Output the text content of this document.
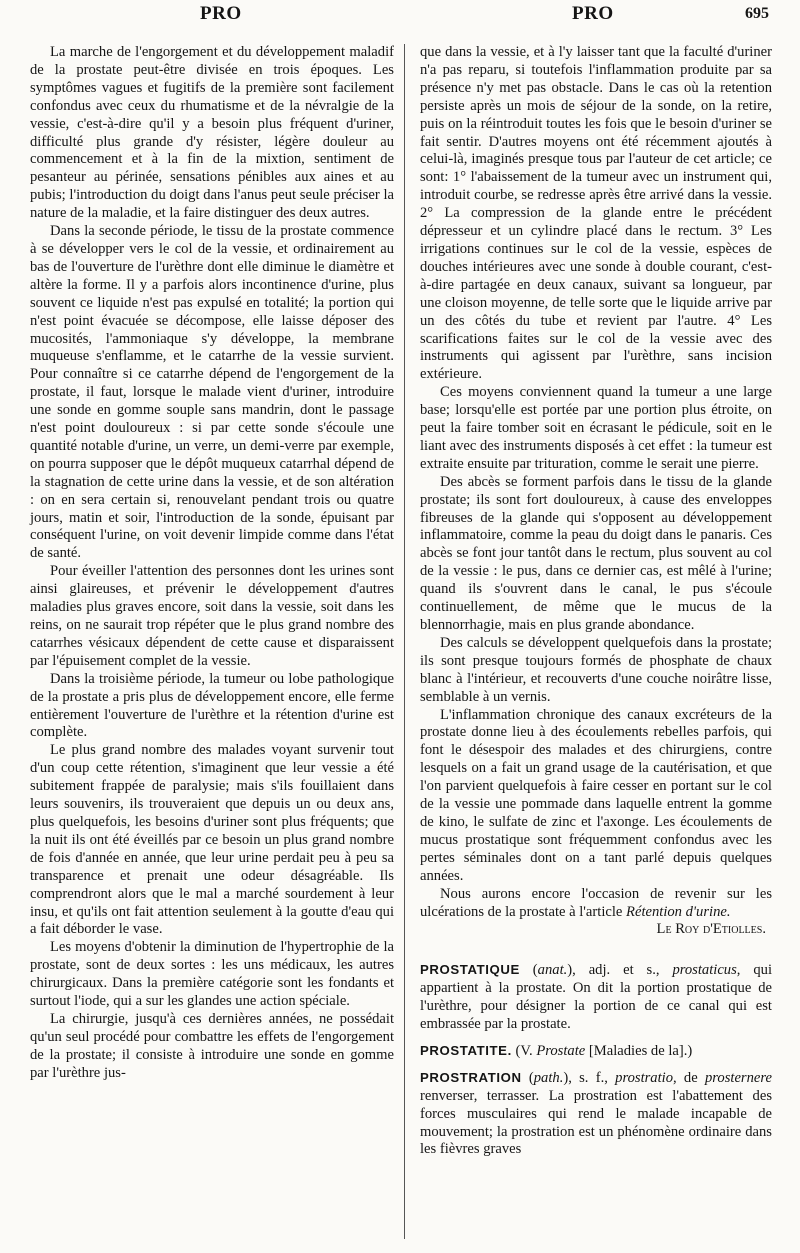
PRO	PRO	695

La marche de l'engorgement et du développement maladif de la prostate peut-être divisée en trois époques. Les symptômes vagues et fugitifs de la première sont facilement confondus avec ceux du rhumatisme et de la névralgie de la vessie, c'est-à-dire qu'il y a besoin plus fréquent d'uriner, difficulté plus grande d'y résister, légère douleur au commencement et à la fin de la mixtion, sentiment de pesanteur au périnée, sensations pénibles aux aines et au pubis; l'introduction du doigt dans l'anus peut seule préciser la nature de la maladie, et la faire distinguer des deux autres.

Dans la seconde période, le tissu de la prostate commence à se développer vers le col de la vessie, et ordinairement au bas de l'ouverture de l'urèthre dont elle diminue le diamètre et altère la forme. Il y a parfois alors incontinence d'urine, plus souvent ce liquide n'est pas expulsé en totalité; la portion qui n'est point évacuée se décompose, elle laisse déposer des mucosités, l'ammoniaque s'y développe, la membrane muqueuse s'enflamme, et le catarrhe de la vessie survient. Pour connaître si ce catarrhe dépend de l'engorgement de la prostate, il faut, lorsque le malade vient d'uriner, introduire une sonde en gomme souple sans mandrin, dont le passage n'est point douloureux : si par cette sonde s'écoule une quantité notable d'urine, un verre, un demi-verre par exemple, on pourra supposer que le dépôt muqueux catarrhal dépend de la stagnation de cette urine dans la vessie, et de son altération : on en sera certain si, renouvelant pendant trois ou quatre jours, matin et soir, l'introduction de la sonde, épuisant par conséquent l'urine, on voit devenir limpide comme dans l'état de santé.

Pour éveiller l'attention des personnes dont les urines sont ainsi glaireuses, et prévenir le développement d'autres maladies plus graves encore, soit dans la vessie, soit dans les reins, on ne saurait trop répéter que le plus grand nombre des catarrhes vésicaux dépendent de cette cause et disparaissent par l'épuisement complet de la vessie.

Dans la troisième période, la tumeur ou lobe pathologique de la prostate a pris plus de développement encore, elle ferme entièrement l'ouverture de l'urèthre et la rétention d'urine est complète.

Le plus grand nombre des malades voyant survenir tout d'un coup cette rétention, s'imaginent que leur vessie a été subitement frappée de paralysie; mais s'ils fouillaient dans leurs souvenirs, ils trouveraient que depuis un ou deux ans, plus quelquefois, les besoins d'uriner sont plus fréquents; que la nuit ils ont été éveillés par ce besoin un plus grand nombre de fois d'année en année, que leur urine perdait peu à peu sa transparence et prenait une odeur désagréable. Ils comprendront alors que le mal a marché sourdement à leur insu, et qu'ils ont fait attention seulement à la goutte d'eau qui a fait déborder le vase.

Les moyens d'obtenir la diminution de l'hypertrophie de la prostate, sont de deux sortes : les uns médicaux, les autres chirurgicaux. Dans la première catégorie sont les fondants et surtout l'iode, qui a sur les glandes une action spéciale.

La chirurgie, jusqu'à ces dernières années, ne possédait qu'un seul procédé pour combattre les effets de l'engorgement de la prostate; il consiste à introduire une sonde en gomme par l'urèthre jus-

que dans la vessie, et à l'y laisser tant que la faculté d'uriner n'a pas reparu, si toutefois l'inflammation produite par sa présence n'y met pas obstacle. Dans le cas où la retention persiste après un mois de séjour de la sonde, on la retire, puis on la réintroduit toutes les fois que le besoin d'uriner se fait sentir. D'autres moyens ont été récemment ajoutés à celui-là, imaginés presque tous par l'auteur de cet article; ce sont: 1° l'abaissement de la tumeur avec un instrument qui, introduit courbe, se redresse après être arrivé dans la vessie. 2° La compression de la glande entre le précédent dépresseur et un cylindre placé dans le rectum. 3° Les irrigations continues sur le col de la vessie, espèces de douches intérieures avec une sonde à double courant, c'est-à-dire partagée en deux canaux, suivant sa longueur, par une cloison moyenne, de telle sorte que le liquide arrive par un des côtés du tube et revient par l'autre. 4° Les scarifications faites sur le col de la vessie avec des instruments qui agissent par l'urèthre, sans incision extérieure.

Ces moyens conviennent quand la tumeur a une large base; lorsqu'elle est portée par une portion plus étroite, on peut la faire tomber soit en écrasant le pédicule, soit en le liant avec des instruments disposés à cet effet : la tumeur est extraite ensuite par trituration, comme le serait une pierre.

Des abcès se forment parfois dans le tissu de la glande prostate; ils sont fort douloureux, à cause des enveloppes fibreuses de la glande qui s'opposent au développement inflammatoire, comme la peau du doigt dans le panaris. Ces abcès se font jour tantôt dans le rectum, plus souvent au col de la vessie : le pus, dans ce dernier cas, est mêlé à l'urine; quand ils s'ouvrent dans le canal, le pus s'écoule continuellement, de même que le mucus de la blennorrhagie, mais en plus grande abondance.

Des calculs se développent quelquefois dans la prostate; ils sont presque toujours formés de phosphate de chaux blanc à l'intérieur, et recouverts d'une couche noirâtre lisse, semblable à un vernis.

L'inflammation chronique des canaux excréteurs de la prostate donne lieu à des écoulements rebelles parfois, qui font le désespoir des malades et des chirurgiens, contre lesquels on a fait un grand usage de la cautérisation, et que l'on parvient quelquefois à faire cesser en portant sur le col de la vessie une pommade dans laquelle entrent la gomme de kino, le sulfate de zinc et l'axonge. Les écoulements de mucus prostatique sont fréquemment confondus avec les pertes séminales dont on a tant parlé depuis quelques années.

Nous aurons encore l'occasion de revenir sur les ulcérations de la prostate à l'article Rétention d'urine.
Le Roy d'Etiolles.

PROSTATIQUE (anat.), adj. et s., prostaticus, qui appartient à la prostate. On dit la portion prostatique de l'urèthre, pour désigner la portion de ce canal qui est embrassée par la prostate.

PROSTATITE. (V. Prostate [Maladies de la].)

PROSTRATION (path.), s. f., prostratio, de prosternere renverser, terrasser. La prostration est l'abattement des forces musculaires qui rend le malade incapable de mouvement; la prostration est un phénomène ordinaire dans les fièvres graves
